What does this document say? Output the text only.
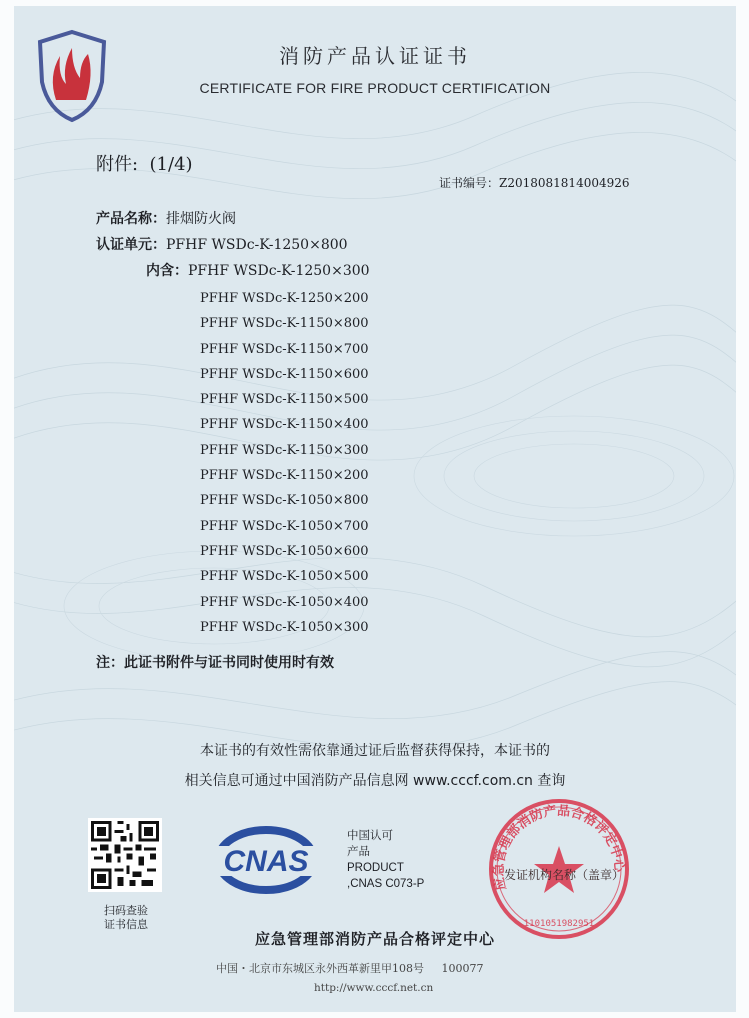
消防产品认证证书
CERTIFICATE FOR FIRE PRODUCT CERTIFICATION
附件: (1/4)
证书编号：Z2018081814004926
产品名称：排烟防火阀
认证单元：PFHF WSDc-K-1250×800
内含：PFHF WSDc-K-1250×300
PFHF WSDc-K-1250×200
PFHF WSDc-K-1150×800
PFHF WSDc-K-1150×700
PFHF WSDc-K-1150×600
PFHF WSDc-K-1150×500
PFHF WSDc-K-1150×400
PFHF WSDc-K-1150×300
PFHF WSDc-K-1150×200
PFHF WSDc-K-1050×800
PFHF WSDc-K-1050×700
PFHF WSDc-K-1050×600
PFHF WSDc-K-1050×500
PFHF WSDc-K-1050×400
PFHF WSDc-K-1050×300
注：此证书附件与证书同时使用时有效
本证书的有效性需依靠通过证后监督获得保持，本证书的
相关信息可通过中国消防产品信息网 www.cccf.com.cn 查询
扫码查验
证书信息
CNAS
中国认可
产品
PRODUCT
,CNAS C073-P	应急管理部消防产品合格评定中心
1101051982951
发证机构名称（盖章）
应急管理部消防产品合格评定中心
中国・北京市东城区永外西革新里甲108号 100077
http://www.cccf.net.cn
